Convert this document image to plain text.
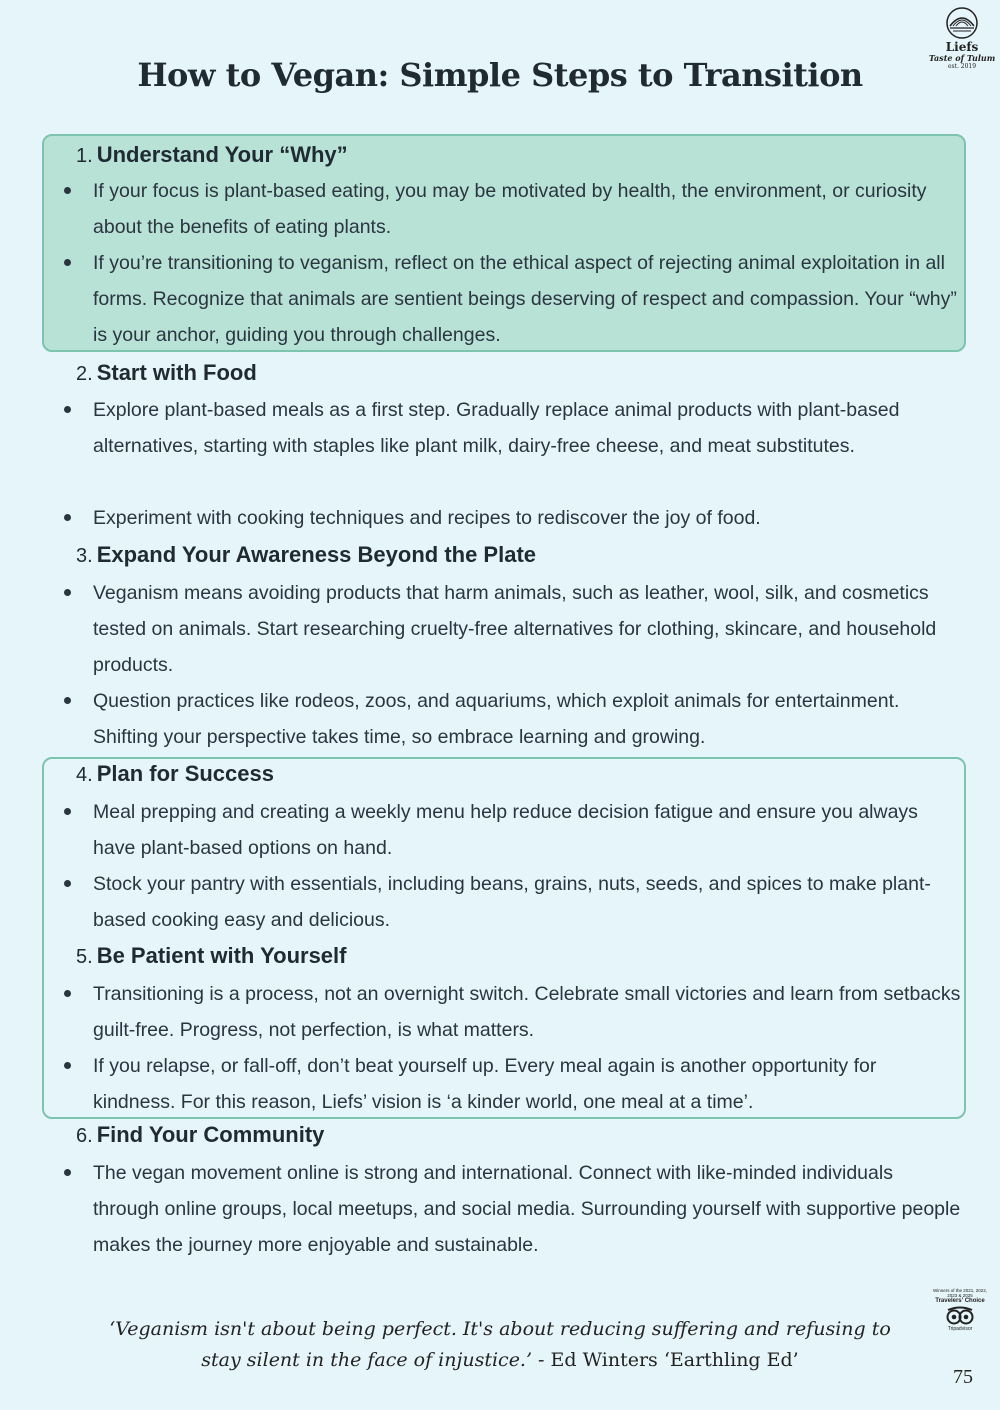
How to Vegan: Simple Steps to Transition
Liefs
Taste of Tulum
est. 2019
1. Understand Your “Why”
If your focus is plant-based eating, you may be motivated by health, the environment, or curiosity about the benefits of eating plants.
If you’re transitioning to veganism, reflect on the ethical aspect of rejecting animal exploitation in all forms. Recognize that animals are sentient beings deserving of respect and compassion. Your “why” is your anchor, guiding you through challenges.
2. Start with Food
Explore plant-based meals as a first step. Gradually replace animal products with plant-based alternatives, starting with staples like plant milk, dairy-free cheese, and meat substitutes.
Experiment with cooking techniques and recipes to rediscover the joy of food.
3. Expand Your Awareness Beyond the Plate
Veganism means avoiding products that harm animals, such as leather, wool, silk, and cosmetics tested on animals. Start researching cruelty-free alternatives for clothing, skincare, and household products.
Question practices like rodeos, zoos, and aquariums, which exploit animals for entertainment. Shifting your perspective takes time, so embrace learning and growing.
4. Plan for Success
Meal prepping and creating a weekly menu help reduce decision fatigue and ensure you always have plant-based options on hand.
Stock your pantry with essentials, including beans, grains, nuts, seeds, and spices to make plant-based cooking easy and delicious.
5. Be Patient with Yourself
Transitioning is a process, not an overnight switch. Celebrate small victories and learn from setbacks guilt-free. Progress, not perfection, is what matters.
If you relapse, or fall-off, don’t beat yourself up. Every meal again is another opportunity for kindness. For this reason, Liefs’ vision is ‘a kinder world, one meal at a time’.
6. Find Your Community
The vegan movement online is strong and international. Connect with like-minded individuals through online groups, local meetups, and social media. Surrounding yourself with supportive people makes the journey more enjoyable and sustainable.
‘Veganism isn't about being perfect. It's about reducing suffering and refusing to stay silent in the face of injustice.’ - Ed Winters ‘Earthling Ed’
Winners of the 2021, 2022, 2023 & 2025
Travelers' Choice
Tripadvisor
75
